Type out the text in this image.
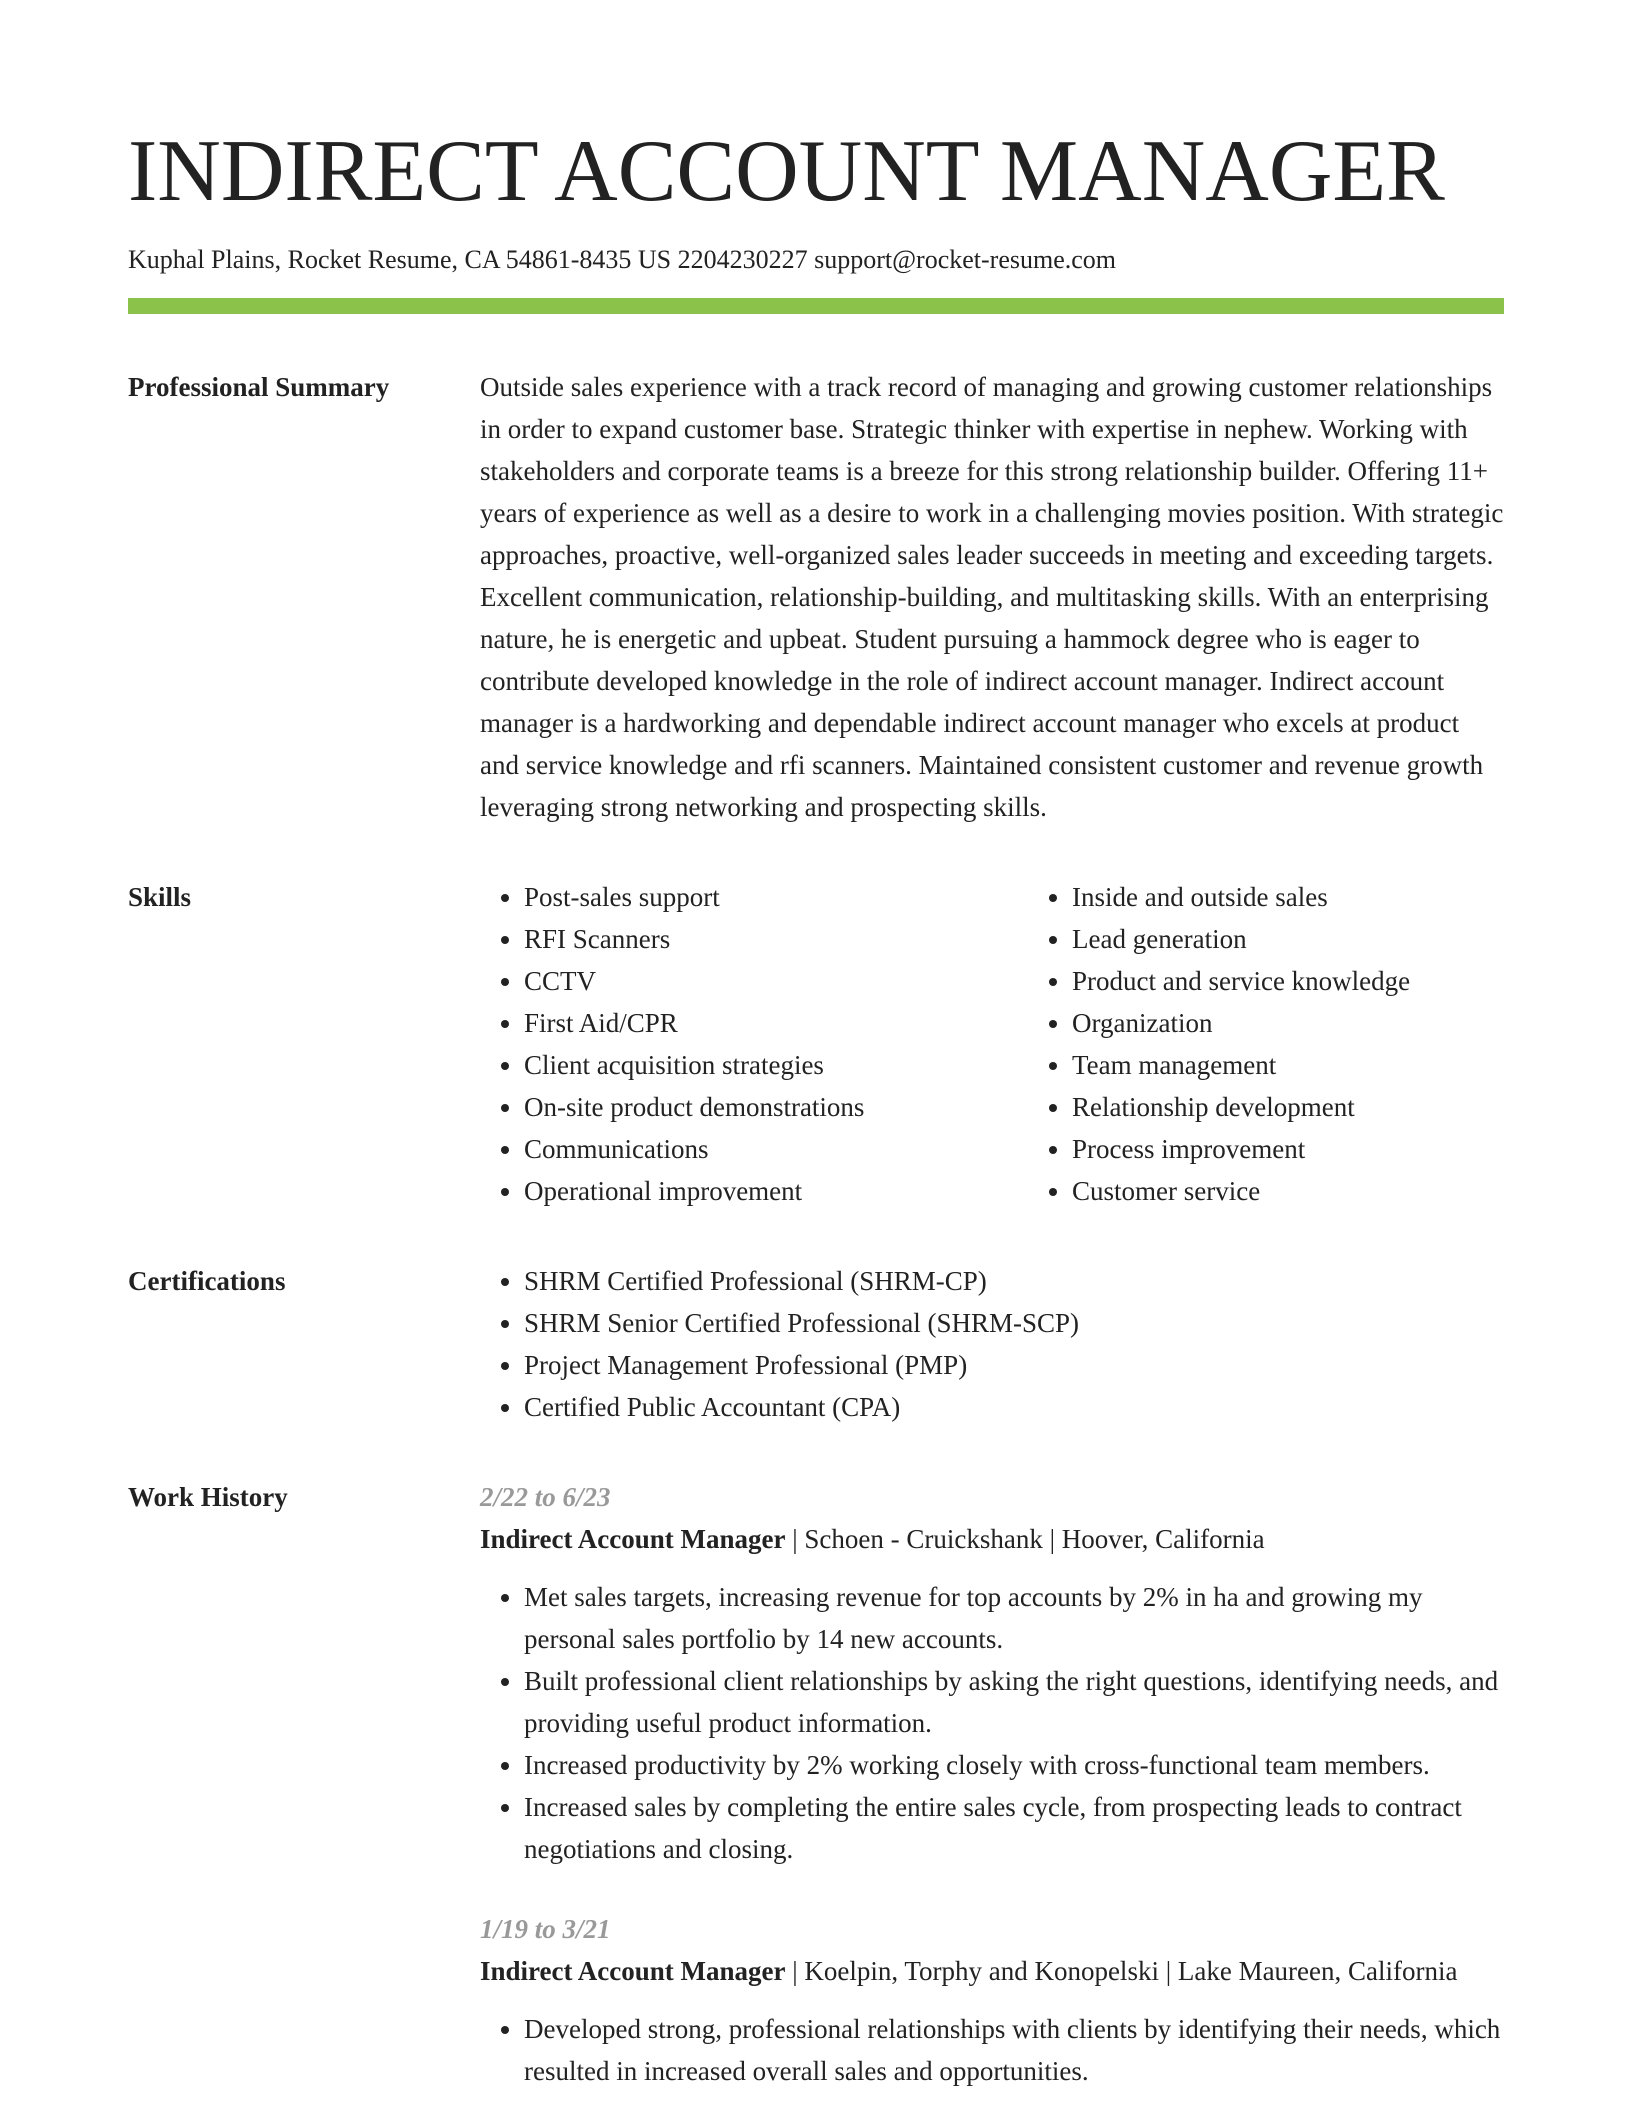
INDIRECT ACCOUNT MANAGER
Kuphal Plains, Rocket Resume, CA 54861-8435 US 2204230227 support@rocket-resume.com
Professional Summary	Outside sales experience with a track record of managing and growing customer relationships in order to expand customer base. Strategic thinker with expertise in nephew. Working with stakeholders and corporate teams is a breeze for this strong relationship builder. Offering 11+ years of experience as well as a desire to work in a challenging movies position. With strategic approaches, proactive, well-organized sales leader succeeds in meeting and exceeding targets. Excellent communication, relationship-building, and multitasking skills. With an enterprising nature, he is energetic and upbeat. Student pursuing a hammock degree who is eager to contribute developed knowledge in the role of indirect account manager. Indirect account manager is a hardworking and dependable indirect account manager who excels at product and service knowledge and rfi scanners. Maintained consistent customer and revenue growth leveraging strong networking and prospecting skills.

Skills	• Post-sales support
• RFI Scanners
• CCTV
• First Aid/CPR
• Client acquisition strategies
• On-site product demonstrations
• Communications
• Operational improvement
• Inside and outside sales
• Lead generation
• Product and service knowledge
• Organization
• Team management
• Relationship development
• Process improvement
• Customer service
Certifications	• SHRM Certified Professional (SHRM-CP)
• SHRM Senior Certified Professional (SHRM-SCP)
• Project Management Professional (PMP)
• Certified Public Accountant (CPA)
Work History	2/22 to 6/23
Indirect Account Manager | Schoen - Cruickshank | Hoover, California
• Met sales targets, increasing revenue for top accounts by 2% in ha and growing my personal sales portfolio by 14 new accounts.
• Built professional client relationships by asking the right questions, identifying needs, and providing useful product information.
• Increased productivity by 2% working closely with cross-functional team members.
• Increased sales by completing the entire sales cycle, from prospecting leads to contract negotiations and closing.
1/19 to 3/21
Indirect Account Manager | Koelpin, Torphy and Konopelski | Lake Maureen, California
• Developed strong, professional relationships with clients by identifying their needs, which resulted in increased overall sales and opportunities.
